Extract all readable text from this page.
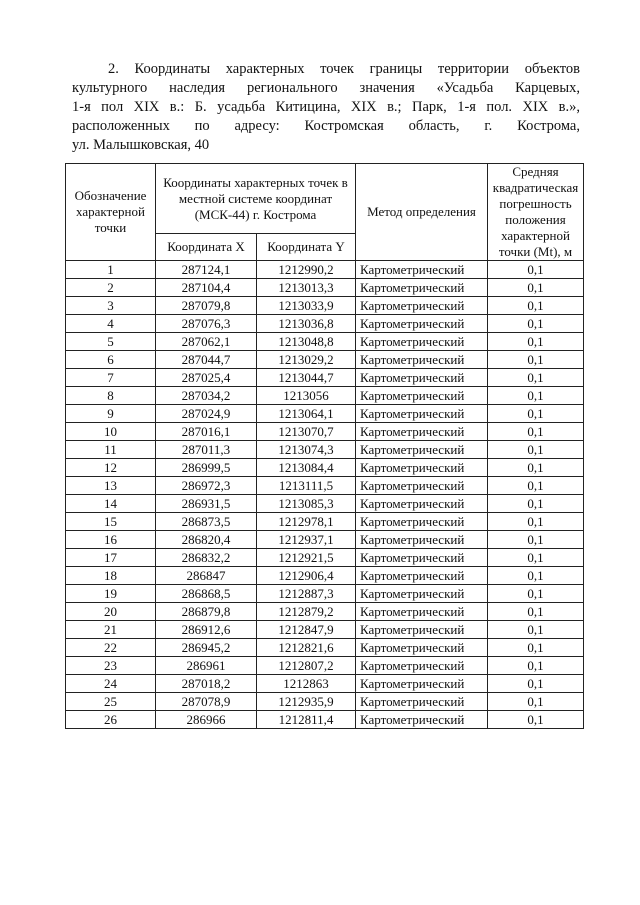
2. Координаты характерных точек границы территории объектов
культурного наследия регионального значения «Усадьба Карцевых,
1-я пол XIX в.: Б. усадьба Китицина, XIX в.; Парк, 1-я пол. XIX в.»,
расположенных по адресу: Костромская область, г. Кострома,
ул. Малышковская, 40
Обозначение характерной точки	Координаты характерных точек в местной системе координат (МСК-44) г. Кострома		Метод определения	Средняя квадратическая погрешность положения характерной точки (Mt), м
	Координата X	Координата Y		
1	287124,1	1212990,2	Картометрический	0,1
2	287104,4	1213013,3	Картометрический	0,1
3	287079,8	1213033,9	Картометрический	0,1
4	287076,3	1213036,8	Картометрический	0,1
5	287062,1	1213048,8	Картометрический	0,1
6	287044,7	1213029,2	Картометрический	0,1
7	287025,4	1213044,7	Картометрический	0,1
8	287034,2	1213056	Картометрический	0,1
9	287024,9	1213064,1	Картометрический	0,1
10	287016,1	1213070,7	Картометрический	0,1
11	287011,3	1213074,3	Картометрический	0,1
12	286999,5	1213084,4	Картометрический	0,1
13	286972,3	1213111,5	Картометрический	0,1
14	286931,5	1213085,3	Картометрический	0,1
15	286873,5	1212978,1	Картометрический	0,1
16	286820,4	1212937,1	Картометрический	0,1
17	286832,2	1212921,5	Картометрический	0,1
18	286847	1212906,4	Картометрический	0,1
19	286868,5	1212887,3	Картометрический	0,1
20	286879,8	1212879,2	Картометрический	0,1
21	286912,6	1212847,9	Картометрический	0,1
22	286945,2	1212821,6	Картометрический	0,1
23	286961	1212807,2	Картометрический	0,1
24	287018,2	1212863	Картометрический	0,1
25	287078,9	1212935,9	Картометрический	0,1
26	286966	1212811,4	Картометрический	0,1
